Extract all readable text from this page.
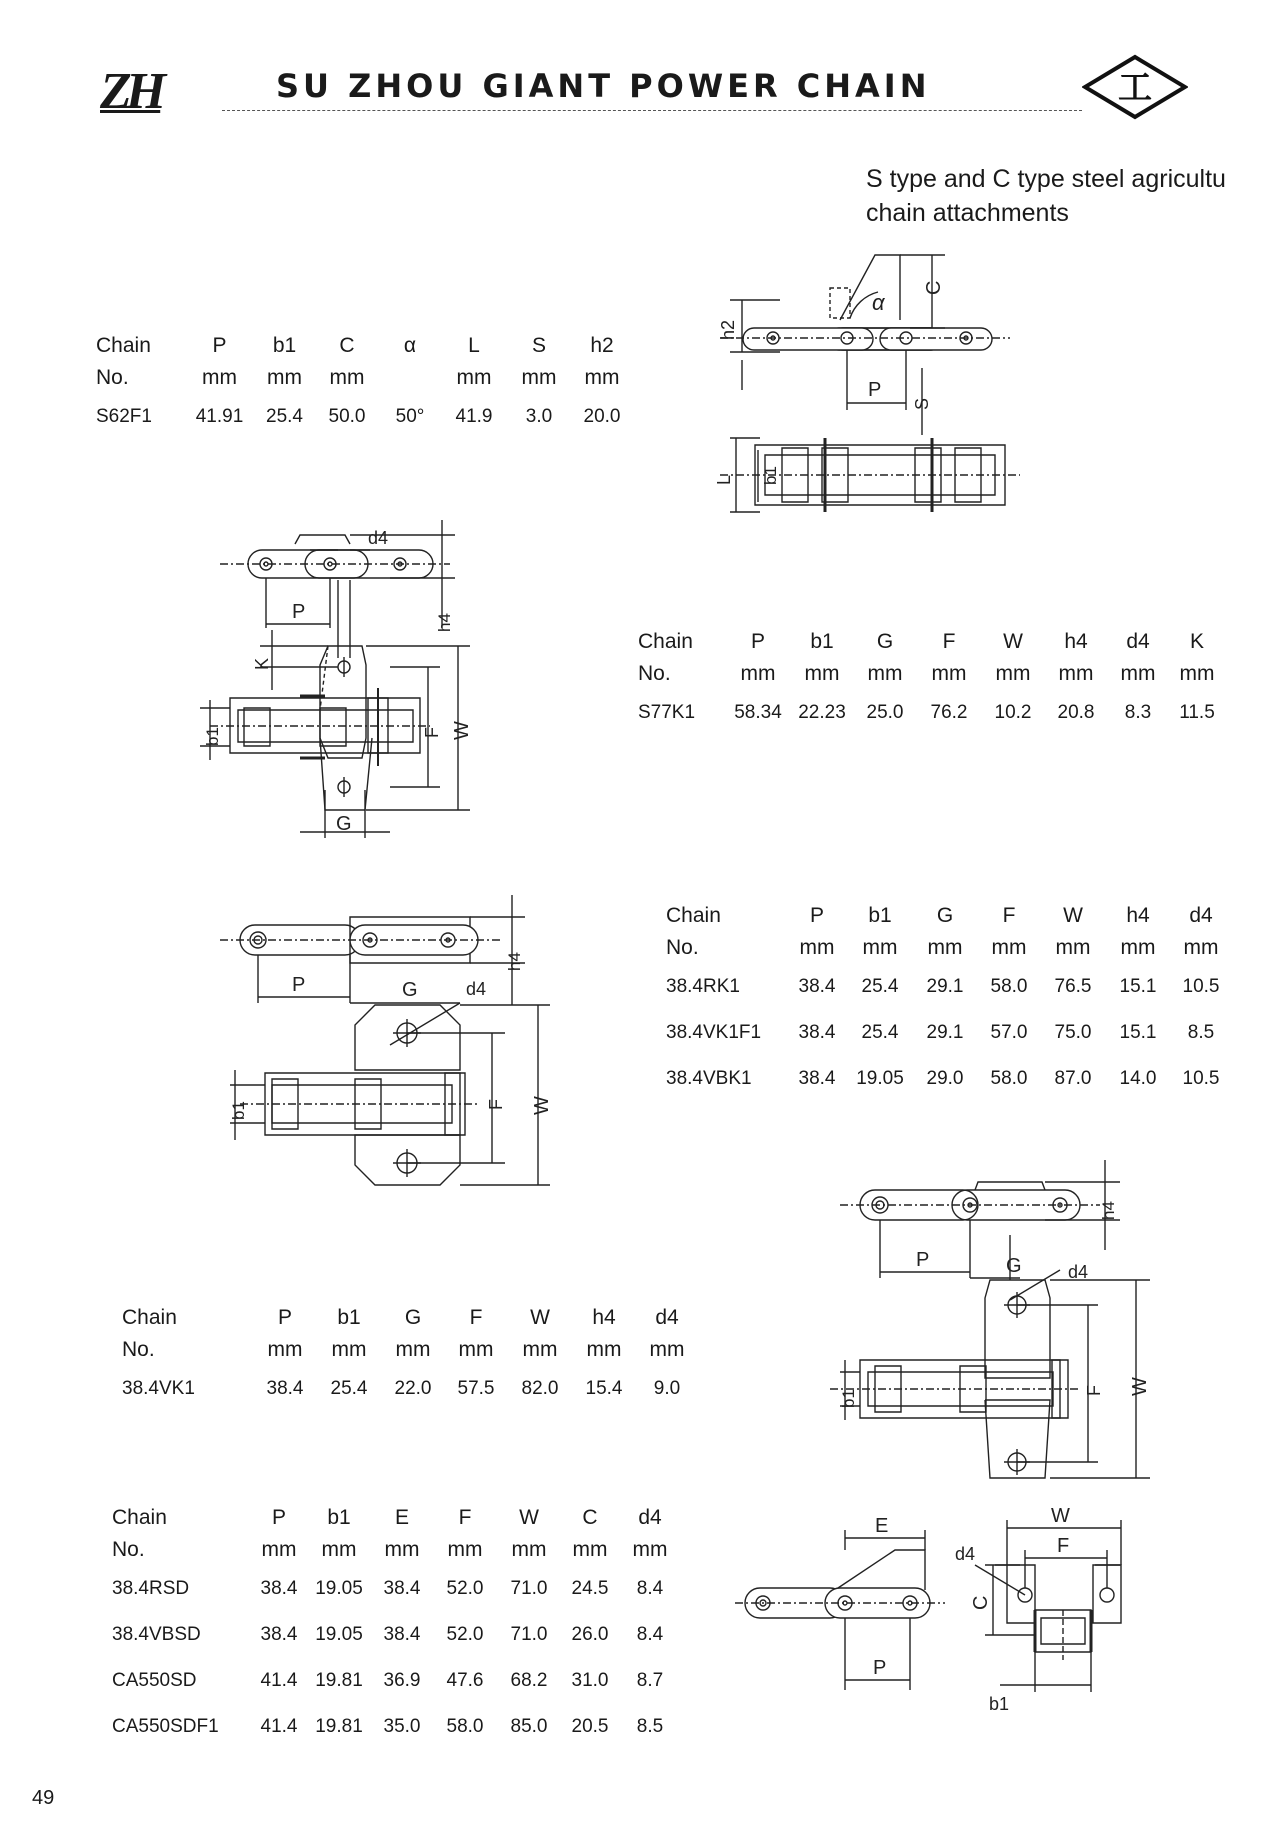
ZH	SU ZHOU GIANT POWER CHAIN	工
S type and C type steel agricultu
chain attachments
Chain	P	b1	C	α	L	S	h2
No.	mm	mm	mm		mm	mm	mm
S62F1	41.91	25.4	50.0	50°	41.9	3.0	20.0
Chain	P	b1	G	F	W	h4	d4	K
No.	mm	mm	mm	mm	mm	mm	mm	mm
S77K1	58.34	22.23	25.0	76.2	10.2	20.8	8.3	11.5
Chain	P	b1	G	F	W	h4	d4
No.	mm	mm	mm	mm	mm	mm	mm
38.4RK1	38.4	25.4	29.1	58.0	76.5	15.1	10.5
38.4VK1F1	38.4	25.4	29.1	57.0	75.0	15.1	8.5
38.4VBK1	38.4	19.05	29.0	58.0	87.0	14.0	10.5
Chain	P	b1	G	F	W	h4	d4
No.	mm	mm	mm	mm	mm	mm	mm
38.4VK1	38.4	25.4	22.0	57.5	82.0	15.4	9.0
Chain	P	b1	E	F	W	C	d4
No.	mm	mm	mm	mm	mm	mm	mm
38.4RSD	38.4	19.05	38.4	52.0	71.0	24.5	8.4
38.4VBSD	38.4	19.05	38.4	52.0	71.0	26.0	8.4
CA550SD	41.4	19.81	36.9	47.6	68.2	31.0	8.7
CA550SDF1	41.4	19.81	35.0	58.0	85.0	20.5	8.5
α
C
h2
P
S
L b1
P	h4
b1
d4
K
F W
G
P
h4
G	d4
b1	F W
P
h4
G	d4
b1	F W
E
P
W
F
d4
C
b1
49
